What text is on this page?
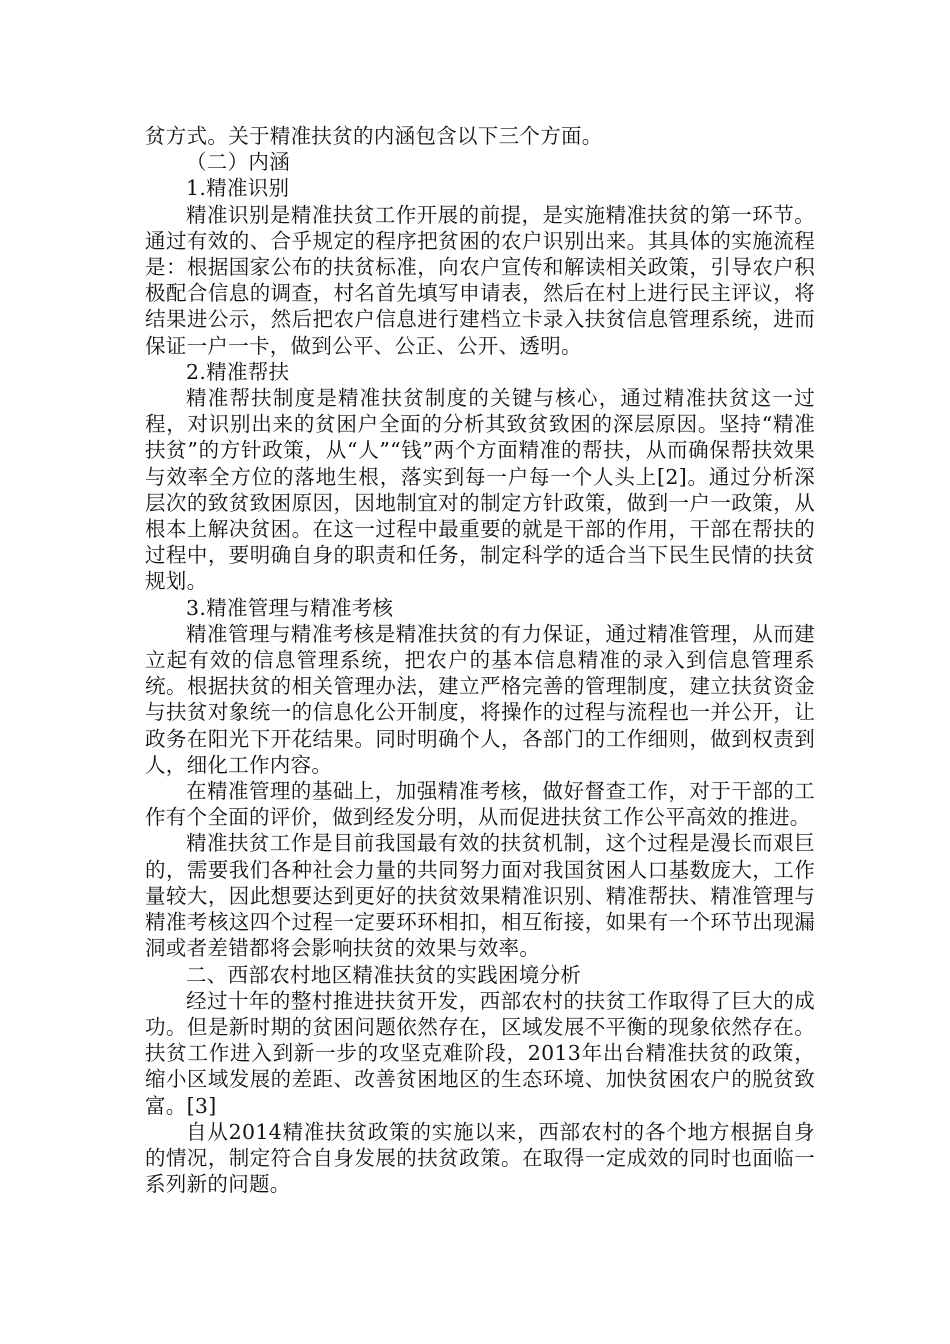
贫方式。关于精准扶贫的内涵包含以下三个方面。

（二）内涵

1.精准识别

精准识别是精准扶贫工作开展的前提，是实施精准扶贫的第一环节。通过有效的、合乎规定的程序把贫困的农户识别出来。其具体的实施流程是：根据国家公布的扶贫标准，向农户宣传和解读相关政策，引导农户积极配合信息的调查，村名首先填写申请表，然后在村上进行民主评议，将结果进公示，然后把农户信息进行建档立卡录入扶贫信息管理系统，进而保证一户一卡，做到公平、公正、公开、透明。

2.精准帮扶

精准帮扶制度是精准扶贫制度的关键与核心，通过精准扶贫这一过程，对识别出来的贫困户全面的分析其致贫致困的深层原因。坚持“精准扶贫”的方针政策，从“人”“钱”两个方面精准的帮扶，从而确保帮扶效果与效率全方位的落地生根，落实到每一户每一个人头上[2]。通过分析深层次的致贫致困原因，因地制宜对的制定方针政策，做到一户一政策，从根本上解决贫困。在这一过程中最重要的就是干部的作用，干部在帮扶的过程中，要明确自身的职责和任务，制定科学的适合当下民生民情的扶贫规划。

3.精准管理与精准考核

精准管理与精准考核是精准扶贫的有力保证，通过精准管理，从而建立起有效的信息管理系统，把农户的基本信息精准的录入到信息管理系统。根据扶贫的相关管理办法，建立严格完善的管理制度，建立扶贫资金与扶贫对象统一的信息化公开制度，将操作的过程与流程也一并公开，让政务在阳光下开花结果。同时明确个人，各部门的工作细则，做到权责到人，细化工作内容。

在精准管理的基础上，加强精准考核，做好督查工作，对于干部的工作有个全面的评价，做到经发分明，从而促进扶贫工作公平高效的推进。

精准扶贫工作是目前我国最有效的扶贫机制，这个过程是漫长而艰巨的，需要我们各种社会力量的共同努力面对我国贫困人口基数庞大，工作量较大，因此想要达到更好的扶贫效果精准识别、精准帮扶、精准管理与精准考核这四个过程一定要环环相扣，相互衔接，如果有一个环节出现漏洞或者差错都将会影响扶贫的效果与效率。

二、西部农村地区精准扶贫的实践困境分析

经过十年的整村推进扶贫开发，西部农村的扶贫工作取得了巨大的成功。但是新时期的贫困问题依然存在，区域发展不平衡的现象依然存在。扶贫工作进入到新一步的攻坚克难阶段，2013年出台精准扶贫的政策，缩小区域发展的差距、改善贫困地区的生态环境、加快贫困农户的脱贫致富。[3]

自从2014精准扶贫政策的实施以来，西部农村的各个地方根据自身的情况，制定符合自身发展的扶贫政策。在取得一定成效的同时也面临一系列新的问题。
